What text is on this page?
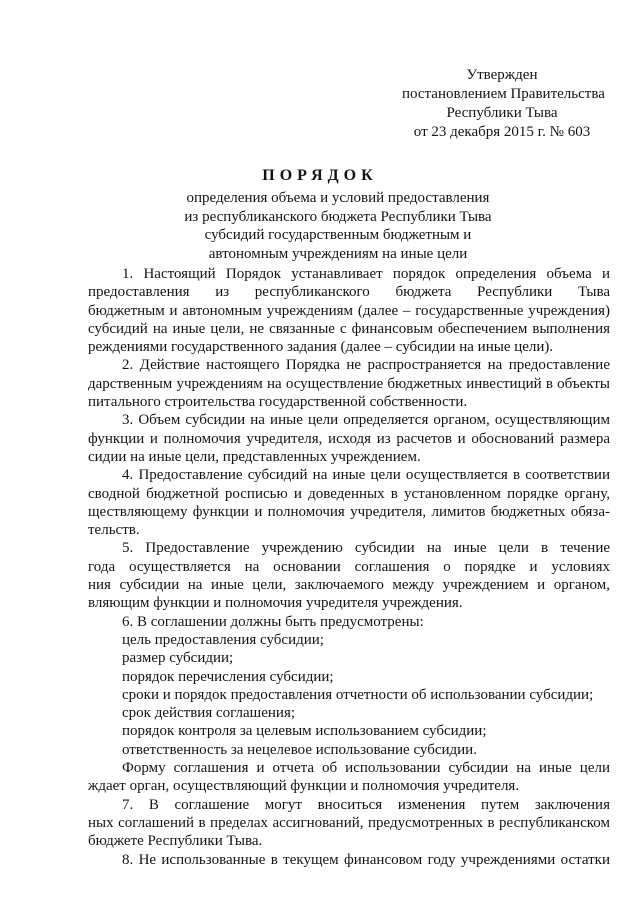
Утвержден
постановлением Правительства
Республики Тыва
от 23 декабря 2015 г. № 603
ПОРЯДОК
определения объема и условий предоставления
из республиканского бюджета Республики Тыва
субсидий государственным бюджетным и
автономным учреждениям на иные цели
1. Настоящий Порядок устанавливает порядок определения объема и
предоставления из республиканского бюджета Республики Тыва
бюджетным и автономным учреждениям (далее – государственные учреждения)
субсидий на иные цели, не связанные с финансовым обеспечением выполнения
реждениями государственного задания (далее – субсидии на иные цели).
2. Действие настоящего Порядка не распространяется на предоставление
дарственным учреждениям на осуществление бюджетных инвестиций в объекты
питального строительства государственной собственности.
3. Объем субсидии на иные цели определяется органом, осуществляющим
функции и полномочия учредителя, исходя из расчетов и обоснований размера
сидии на иные цели, представленных учреждением.
4. Предоставление субсидий на иные цели осуществляется в соответствии
сводной бюджетной росписью и доведенных в установленном порядке органу,
ществляющему функции и полномочия учредителя, лимитов бюджетных обяза-
тельств.
5. Предоставление учреждению субсидии на иные цели в течение
года осуществляется на основании соглашения о порядке и условиях
ния субсидии на иные цели, заключаемого между учреждением и органом,
вляющим функции и полномочия учредителя учреждения.
6. В соглашении должны быть предусмотрены:
цель предоставления субсидии;
размер субсидии;
порядок перечисления субсидии;
сроки и порядок предоставления отчетности об использовании субсидии;
срок действия соглашения;
порядок контроля за целевым использованием субсидии;
ответственность за нецелевое использование субсидии.
Форму соглашения и отчета об использовании субсидии на иные цели
ждает орган, осуществляющий функции и полномочия учредителя.
7. В соглашение могут вноситься изменения путем заключения
ных соглашений в пределах ассигнований, предусмотренных в республиканском
бюджете Республики Тыва.
8. Не использованные в текущем финансовом году учреждениями остатки
